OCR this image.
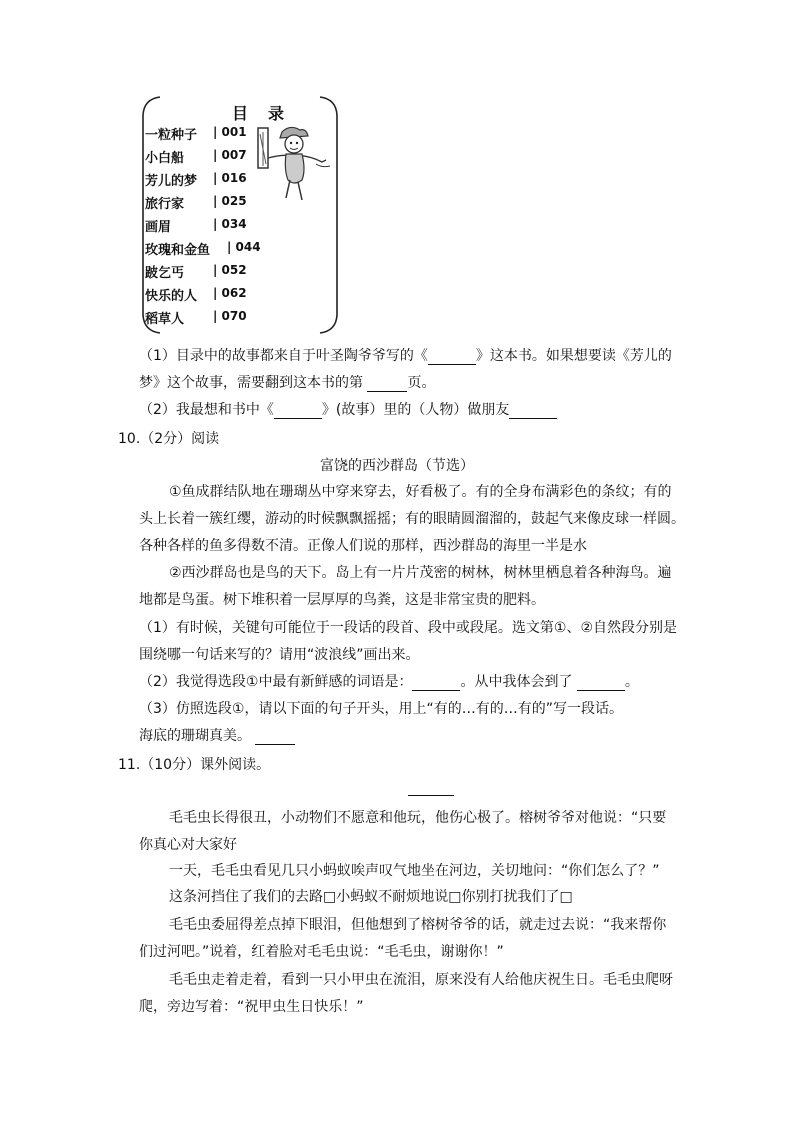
目录
一粒种子 | 001
小白船 | 007
芳儿的梦 | 016
旅行家 | 025
画眉	| 034
玫瑰和金鱼 | 044
跛乞丐 | 052
快乐的人 | 062
稻草人 | 070
（1）目录中的故事都来自于叶圣陶爷爷写的《	》这本书。如果想要读《芳儿的
梦》这个故事，需要翻到这本书的第	页。
（2）我最想和书中《	》(故事）里的（人物）做朋友
10.（2分）阅读
富饶的西沙群岛（节选）
①鱼成群结队地在珊瑚丛中穿来穿去，好看极了。有的全身布满彩色的条纹；有的
头上长着一簇红缨，游动的时候飘飘摇摇；有的眼睛圆溜溜的，鼓起气来像皮球一样圆。
各种各样的鱼多得数不清。正像人们说的那样，西沙群岛的海里一半是水
②西沙群岛也是鸟的天下。岛上有一片片茂密的树林，树林里栖息着各种海鸟。遍
地都是鸟蛋。树下堆积着一层厚厚的鸟粪，这是非常宝贵的肥料。
（1）有时候，关键句可能位于一段话的段首、段中或段尾。选文第①、②自然段分别是
围绕哪一句话来写的？请用“波浪线”画出来。
（2）我觉得选段①中最有新鲜感的词语是：	。从中我体会到了	。
（3）仿照选段①，请以下面的句子开头，用上“有的…有的…有的”写一段话。
海底的珊瑚真美。
11.（10分）课外阅读。
毛毛虫长得很丑，小动物们不愿意和他玩，他伤心极了。榕树爷爷对他说：“只要
你真心对大家好
一天，毛毛虫看见几只小蚂蚁唉声叹气地坐在河边，关切地问：“你们怎么了？”
这条河挡住了我们的去路□小蚂蚁不耐烦地说□你别打扰我们了□
毛毛虫委屈得差点掉下眼泪，但他想到了榕树爷爷的话，就走过去说：“我来帮你
们过河吧。”说着，红着脸对毛毛虫说：“毛毛虫，谢谢你！”
毛毛虫走着走着，看到一只小甲虫在流泪，原来没有人给他庆祝生日。毛毛虫爬呀
爬，旁边写着：“祝甲虫生日快乐！”
